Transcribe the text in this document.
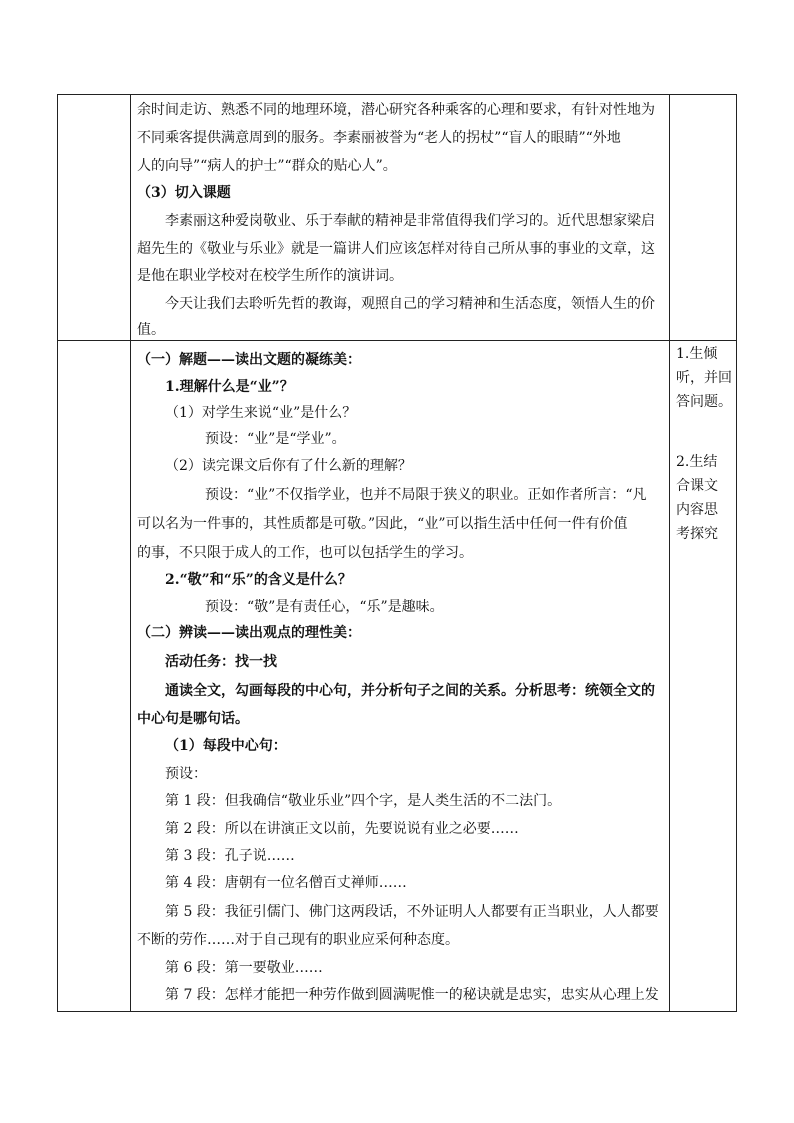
余时间走访、熟悉不同的地理环境，潜心研究各种乘客的心理和要求，有针对性地为
不同乘客提供满意周到的服务。李素丽被誉为“老人的拐杖”“盲人的眼睛”“外地
人的向导”“病人的护士”“群众的贴心人”。
（3）切入课题
李素丽这种爱岗敬业、乐于奉献的精神是非常值得我们学习的。近代思想家梁启
超先生的《敬业与乐业》就是一篇讲人们应该怎样对待自己所从事的事业的文章，这
是他在职业学校对在校学生所作的演讲词。
今天让我们去聆听先哲的教诲，观照自己的学习精神和生活态度，领悟人生的价
值。
（一）解题——读出文题的凝练美：
1.理解什么是“业”？
（1）对学生来说“业”是什么？
预设：“业”是“学业”。
（2）读完课文后你有了什么新的理解？
预设：“业”不仅指学业，也并不局限于狭义的职业。正如作者所言：“凡
可以名为一件事的，其性质都是可敬。”因此，“业”可以指生活中任何一件有价值
的事，不只限于成人的工作，也可以包括学生的学习。
2.“敬”和“乐”的含义是什么？
预设：“敬”是有责任心，“乐”是趣味。
（二）辨读——读出观点的理性美：
活动任务：找一找
通读全文，勾画每段的中心句，并分析句子之间的关系。分析思考：统领全文的
中心句是哪句话。
（1）每段中心句：
预设：
第 1 段：但我确信“敬业乐业”四个字，是人类生活的不二法门。
第 2 段：所以在讲演正文以前，先要说说有业之必要……
第 3 段：孔子说……
第 4 段：唐朝有一位名僧百丈禅师……
第 5 段：我征引儒门、佛门这两段话，不外证明人人都要有正当职业，人人都要
不断的劳作……对于自己现有的职业应采何种态度。
第 6 段：第一要敬业……
第 7 段：怎样才能把一种劳作做到圆满呢惟一的秘诀就是忠实，忠实从心理上发
1.生倾
听，并回
答问题。
2.生结
合课文
内容思
考探究
